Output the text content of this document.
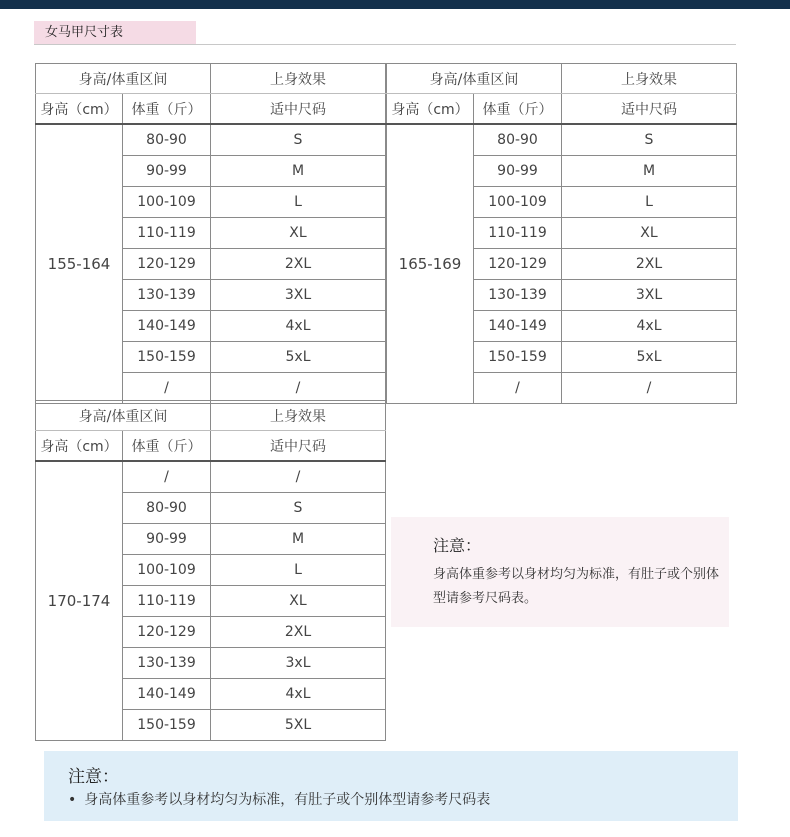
女马甲尺寸表
身高/体重区间		上身效果
身高（cm）	体重（斤）	适中尺码
155-164	80-90	S
	90-99	M
	100-109	L
	110-119	XL
	120-129	2XL
	130-139	3XL
	140-149	4xL
	150-159	5xL
	/	/
身高/体重区间		上身效果
身高（cm）	体重（斤）	适中尺码
165-169	80-90	S
	90-99	M
	100-109	L
	110-119	XL
	120-129	2XL
	130-139	3XL
	140-149	4xL
	150-159	5xL
	/	/
身高/体重区间		上身效果
身高（cm）	体重（斤）	适中尺码
170-174	/	/
	80-90	S
	90-99	M
	100-109	L
	110-119	XL
	120-129	2XL
	130-139	3xL
	140-149	4xL
	150-159	5XL
注意：
身高体重参考以身材均匀为标准，有肚子或个别体型请参考尺码表。
注意：
• 身高体重参考以身材均匀为标准，有肚子或个别体型请参考尺码表
